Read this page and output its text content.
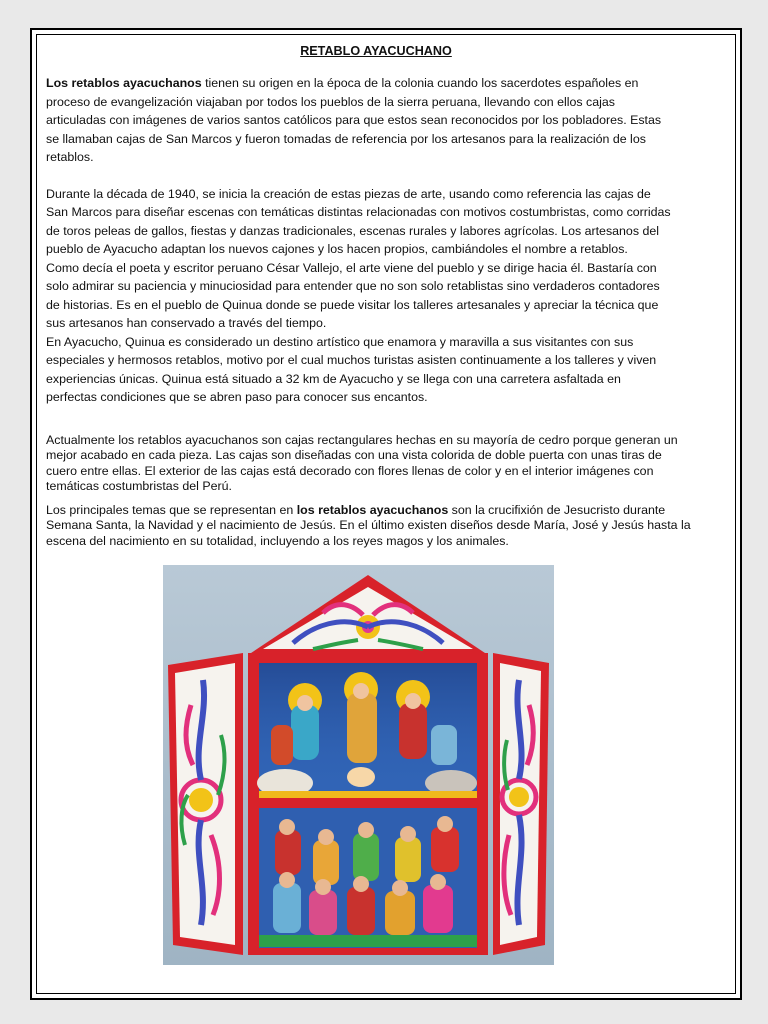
RETABLO AYACUCHANO

Los retablos ayacuchanos tienen su origen en la época de la colonia cuando los sacerdotes españoles en
proceso de evangelización viajaban por todos los pueblos de la sierra peruana, llevando con ellos cajas
articuladas con imágenes de varios santos católicos para que estos sean reconocidos por los pobladores. Estas
se llamaban cajas de San Marcos y fueron tomadas de referencia por los artesanos para la realización de los
retablos.
Durante la década de 1940, se inicia la creación de estas piezas de arte, usando como referencia las cajas de
San Marcos para diseñar escenas con temáticas distintas relacionadas con motivos costumbristas, como corridas
de toros peleas de gallos, fiestas y danzas tradicionales, escenas rurales y labores agrícolas. Los artesanos del
pueblo de Ayacucho adaptan los nuevos cajones y los hacen propios, cambiándoles el nombre a retablos.
Como decía el poeta y escritor peruano César Vallejo, el arte viene del pueblo y se dirige hacia él. Bastaría con
solo admirar su paciencia y minuciosidad para entender que no son solo retablistas sino verdaderos contadores
de historias. Es en el pueblo de Quinua donde se puede visitar los talleres artesanales y apreciar la técnica que
sus artesanos han conservado a través del tiempo.
En Ayacucho, Quinua es considerado un destino artístico que enamora y maravilla a sus visitantes con sus
especiales y hermosos retablos, motivo por el cual muchos turistas asisten continuamente a los talleres y viven
experiencias únicas. Quinua está situado a 32 km de Ayacucho y se llega con una carretera asfaltada en
perfectas condiciones que se abren paso para conocer sus encantos.
Actualmente los retablos ayacuchanos son cajas rectangulares hechas en su mayoría de cedro porque generan un
mejor acabado en cada pieza. Las cajas son diseñadas con una vista colorida de doble puerta con unas tiras de
cuero entre ellas. El exterior de las cajas está decorado con flores llenas de color y en el interior imágenes con
temáticas costumbristas del Perú.
Los principales temas que se representan en los retablos ayacuchanos son la crucifixión de Jesucristo durante
Semana Santa, la Navidad y el nacimiento de Jesús. En el último existen diseños desde María, José y Jesús hasta la
escena del nacimiento en su totalidad, incluyendo a los reyes magos y los animales.
